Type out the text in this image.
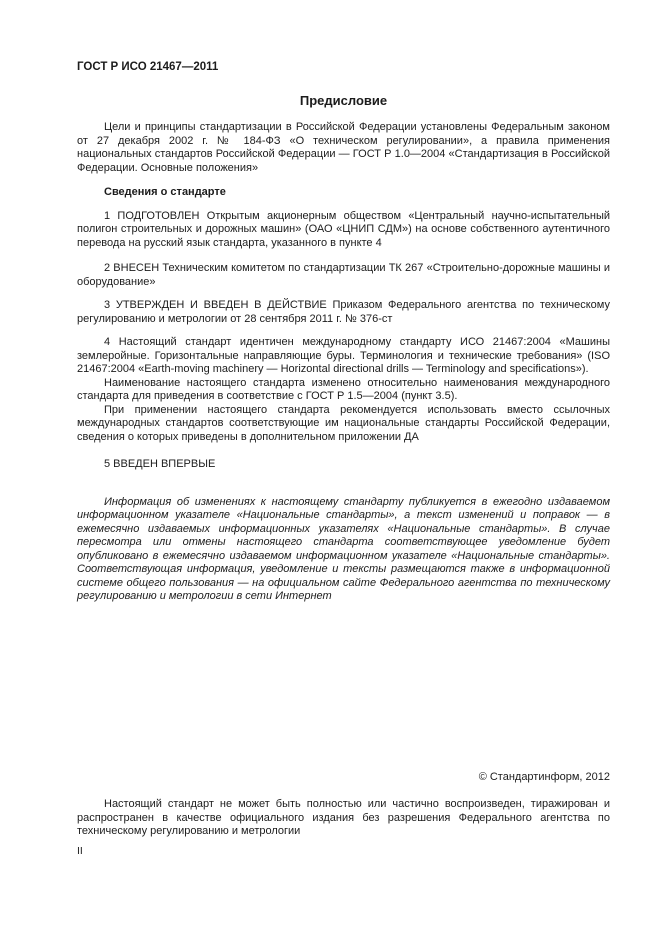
ГОСТ Р ИСО 21467—2011
Предисловие

Цели и принципы стандартизации в Российской Федерации установлены Федеральным законом от 27 декабря 2002 г. № 184-ФЗ «О техническом регулировании», а правила применения национальных стандартов Российской Федерации — ГОСТ Р 1.0—2004 «Стандартизация в Российской Федерации. Основные положения»

Сведения о стандарте

1 ПОДГОТОВЛЕН Открытым акционерным обществом «Центральный научно-испытательный полигон строительных и дорожных машин» (ОАО «ЦНИП СДМ») на основе собственного аутентичного перевода на русский язык стандарта, указанного в пункте 4

2 ВНЕСЕН Техническим комитетом по стандартизации ТК 267 «Строительно-дорожные машины и оборудование»

3 УТВЕРЖДЕН И ВВЕДЕН В ДЕЙСТВИЕ Приказом Федерального агентства по техническому регулированию и метрологии от 28 сентября 2011 г. № 376-ст

4 Настоящий стандарт идентичен международному стандарту ИСО 21467:2004 «Машины землеройные. Горизонтальные направляющие буры. Терминология и технические требования» (ISO 21467:2004 «Earth-moving machinery — Horizontal directional drills — Terminology and specifications»).

Наименование настоящего стандарта изменено относительно наименования международного стандарта для приведения в соответствие с ГОСТ Р 1.5—2004 (пункт 3.5).

При применении настоящего стандарта рекомендуется использовать вместо ссылочных международных стандартов соответствующие им национальные стандарты Российской Федерации, сведения о которых приведены в дополнительном приложении ДА

5 ВВЕДЕН ВПЕРВЫЕ

Информация об изменениях к настоящему стандарту публикуется в ежегодно издаваемом информационном указателе «Национальные стандарты», а текст изменений и поправок — в ежемесячно издаваемых информационных указателях «Национальные стандарты». В случае пересмотра или отмены настоящего стандарта соответствующее уведомление будет опубликовано в ежемесячно издаваемом информационном указателе «Национальные стандарты». Соответствующая информация, уведомление и тексты размещаются также в информационной системе общего пользования — на официальном сайте Федерального агентства по техническому регулированию и метрологии в сети Интернет

© Стандартинформ, 2012

Настоящий стандарт не может быть полностью или частично воспроизведен, тиражирован и распространен в качестве официального издания без разрешения Федерального агентства по техническому регулированию и метрологии

II
